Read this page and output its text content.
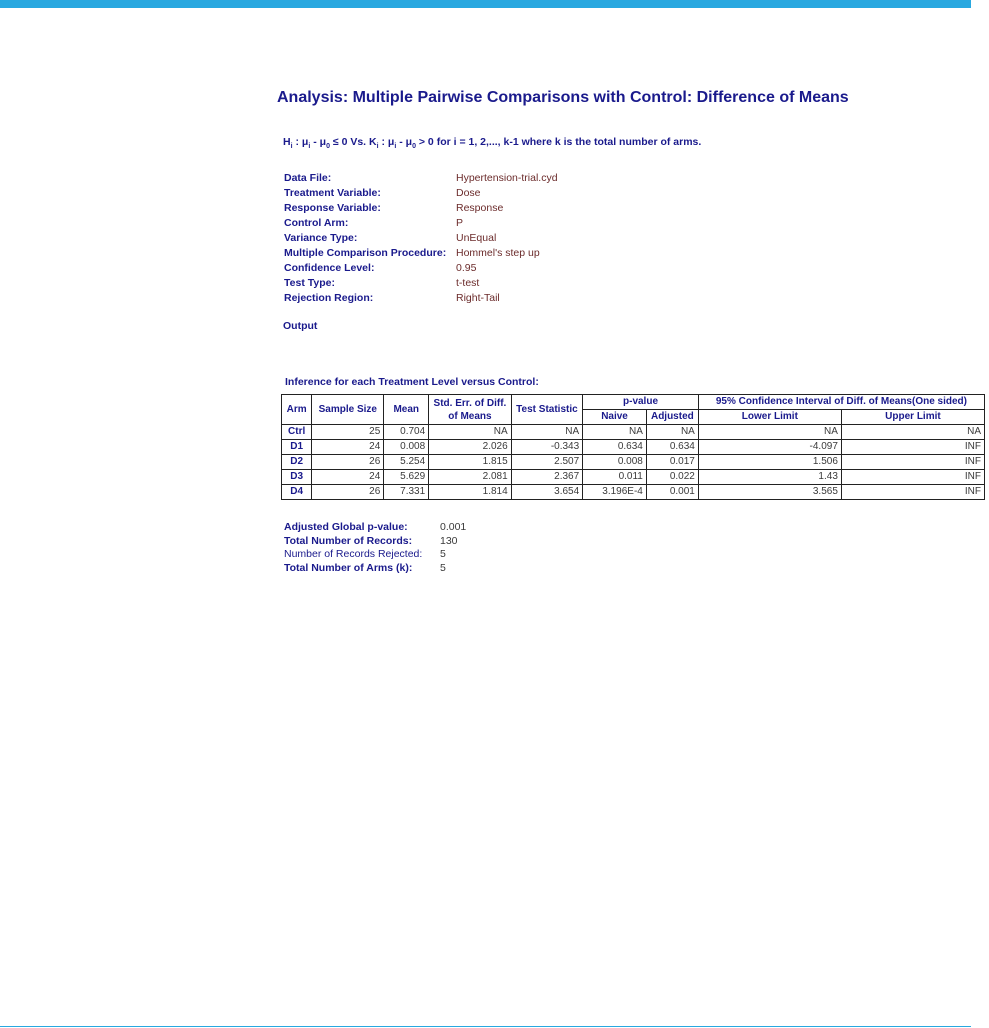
Analysis: Multiple Pairwise Comparisons with Control: Difference of Means
$H_i$ : $\mu_i - \mu_0 \le 0$ Vs. $K_i$ : $\mu_i - \mu_0 > 0$ for i = 1, 2,..., k-1 where k is the total number of arms.
Data File:	Hypertension-trial.cyd
Treatment Variable:	Dose
Response Variable:	Response
Control Arm:	P
Variance Type:	UnEqual
Multiple Comparison Procedure: Hommel's step up
Confidence Level:	0.95
Test Type:	t-test
Rejection Region:	Right-Tail
Output
Inference for each Treatment Level versus Control:
Arm	Sample Size	Mean	Std. Err. of Diff. of Means	Test Statistic	p-value		95% Confidence Interval of Diff. of Means(One sided)	
					Naive	Adjusted	Lower Limit	Upper Limit
Ctrl	25	0.704	NA	NA	NA	NA	NA	NA
D1	24	0.008	2.026	-0.343	0.634	0.634	-4.097	INF
D2	26	5.254	1.815	2.507	0.008	0.017	1.506	INF
D3	24	5.629	2.081	2.367	0.011	0.022	1.43	INF
D4	26	7.331	1.814	3.654	3.196E-4	0.001	3.565	INF
Adjusted Global p-value:	0.001
Total Number of Records:	130
Number of Records Rejected: 5
Total Number of Arms (k):	5
